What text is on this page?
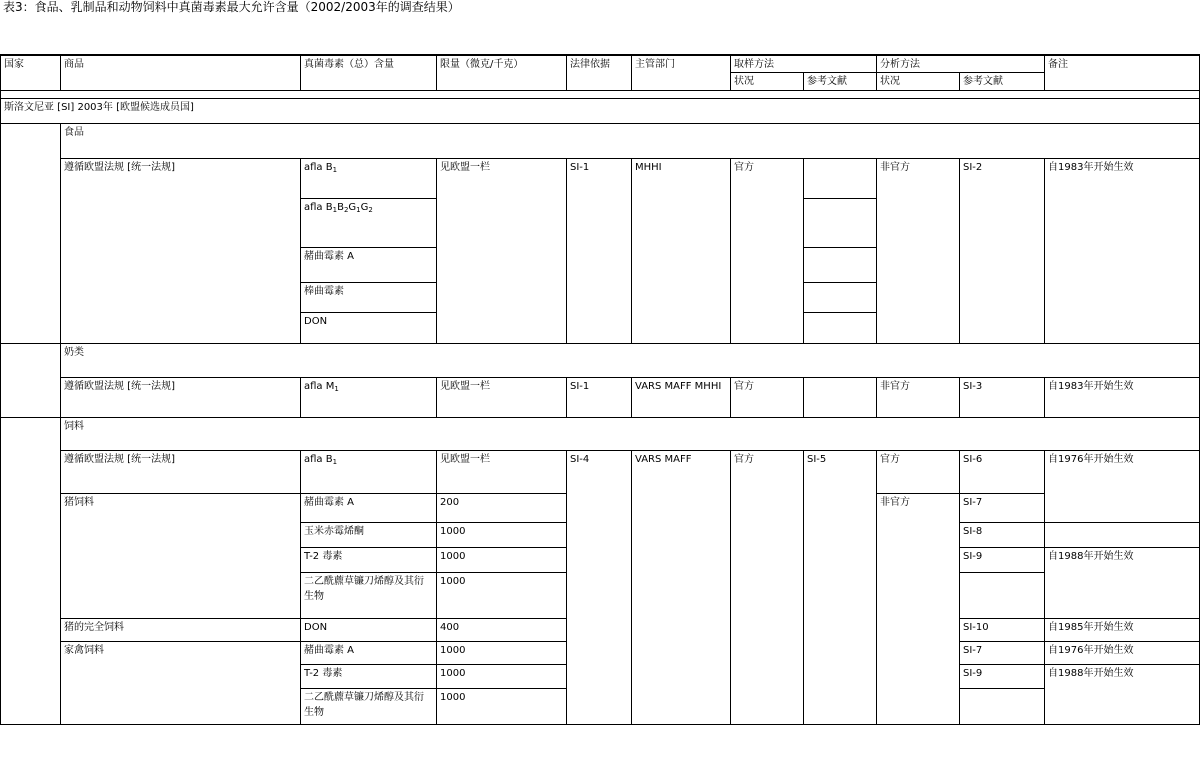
表3：食品、乳制品和动物饲料中真菌毒素最大允许含量（2002/2003年的调查结果）
国家	商品	真菌毒素（总）含量	限量（微克/千克）	法律依据	主管部门	取样方法		分析方法		备注
						状况	参考文献	状况	参考文献	

斯洛文尼亚 [SI] 2003年 [欧盟候选成员国]										
	食品									
	遵循欧盟法规 [统一法规]	afla $B_1$	见欧盟一栏	SI-1	MHHI	官方		非官方	SI-2	自1983年开始生效
		afla $B_1B_2G_1G_2$	
		赭曲霉素 A								
		棒曲霉素								
		DON								
	奶类									
	遵循欧盟法规 [统一法规]	afla $M_1$	见欧盟一栏	SI-1	VARS MAFF MHHI	官方		非官方	SI-3	自1983年开始生效
	饲料									
	遵循欧盟法规 [统一法规]	afla $B_1$	见欧盟一栏	SI-4	VARS MAFF	官方	SI-5	官方	SI-6	自1976年开始生效
	猪饲料	赭曲霉素 A	200					非官方	SI-7	
		玉米赤霉烯酮	1000						SI-8	
		T-2 毒素	1000						SI-9	自1988年开始生效
		二乙酰藨草镰刀烯醇及其衍生物	1000							
	猪的完全饲料	DON	400						SI-10	自1985年开始生效
	家禽饲料	赭曲霉素 A	1000						SI-7	自1976年开始生效
		T-2 毒素	1000						SI-9	自1988年开始生效
		二乙酰藨草镰刀烯醇及其衍生物	1000							
